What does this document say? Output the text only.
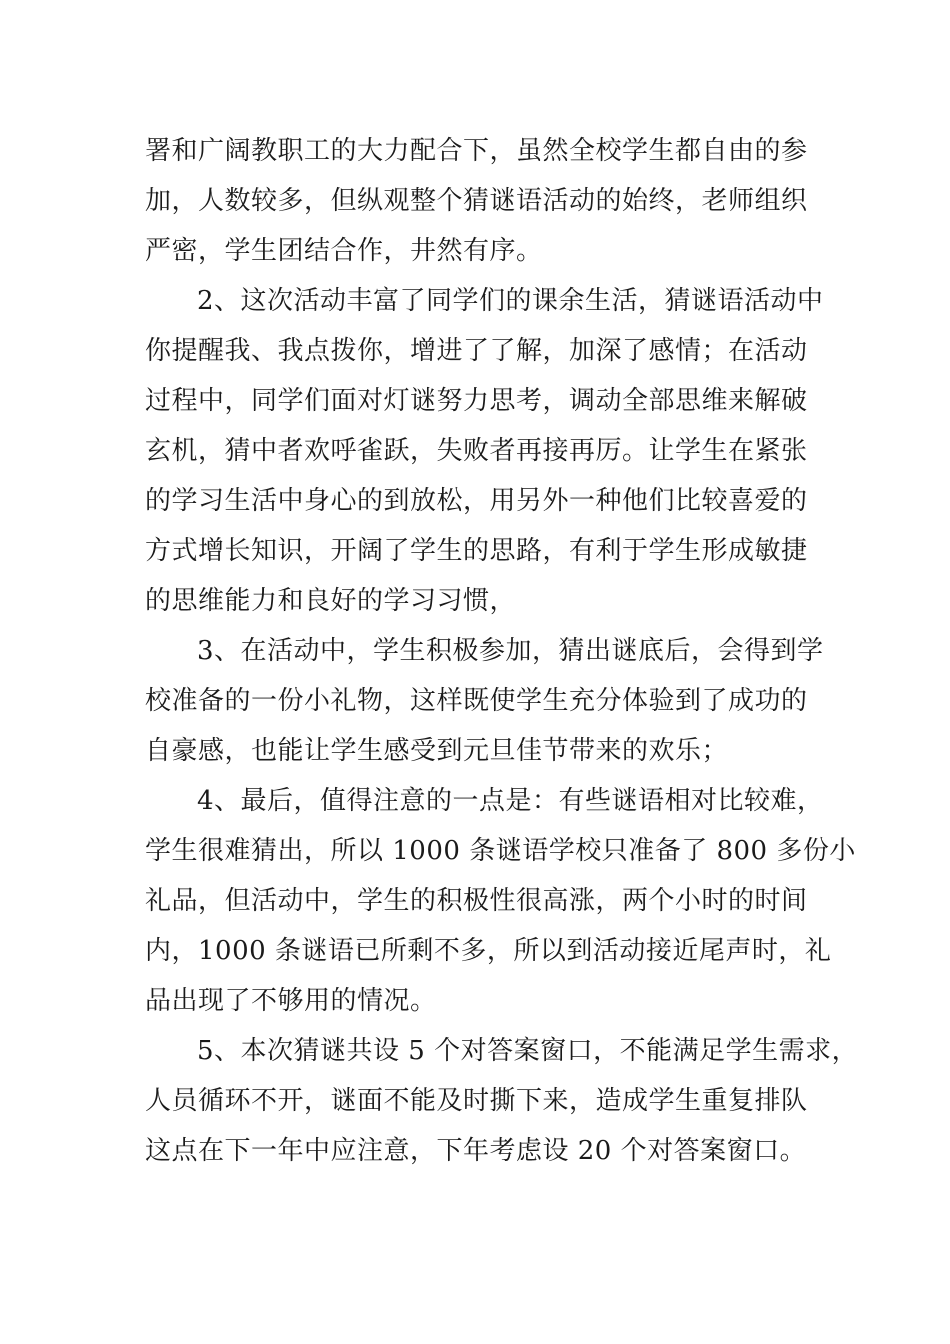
署和广阔教职工的大力配合下，虽然全校学生都自由的参
加，人数较多，但纵观整个猜谜语活动的始终，老师组织
严密，学生团结合作，井然有序。
2、这次活动丰富了同学们的课余生活，猜谜语活动中
你提醒我、我点拨你，增进了了解，加深了感情；在活动
过程中，同学们面对灯谜努力思考，调动全部思维来解破
玄机，猜中者欢呼雀跃，失败者再接再厉。让学生在紧张
的学习生活中身心的到放松，用另外一种他们比较喜爱的
方式增长知识，开阔了学生的思路，有利于学生形成敏捷
的思维能力和良好的学习习惯，
3、在活动中，学生积极参加，猜出谜底后，会得到学
校准备的一份小礼物，这样既使学生充分体验到了成功的
自豪感，也能让学生感受到元旦佳节带来的欢乐；
4、最后，值得注意的一点是：有些谜语相对比较难，
学生很难猜出，所以 1000 条谜语学校只准备了 800 多份小
礼品，但活动中，学生的积极性很高涨，两个小时的时间
内，1000 条谜语已所剩不多，所以到活动接近尾声时，礼
品出现了不够用的情况。
5、本次猜谜共设 5 个对答案窗口，不能满足学生需求，
人员循环不开，谜面不能及时撕下来，造成学生重复排队
这点在下一年中应注意，下年考虑设 20 个对答案窗口。
